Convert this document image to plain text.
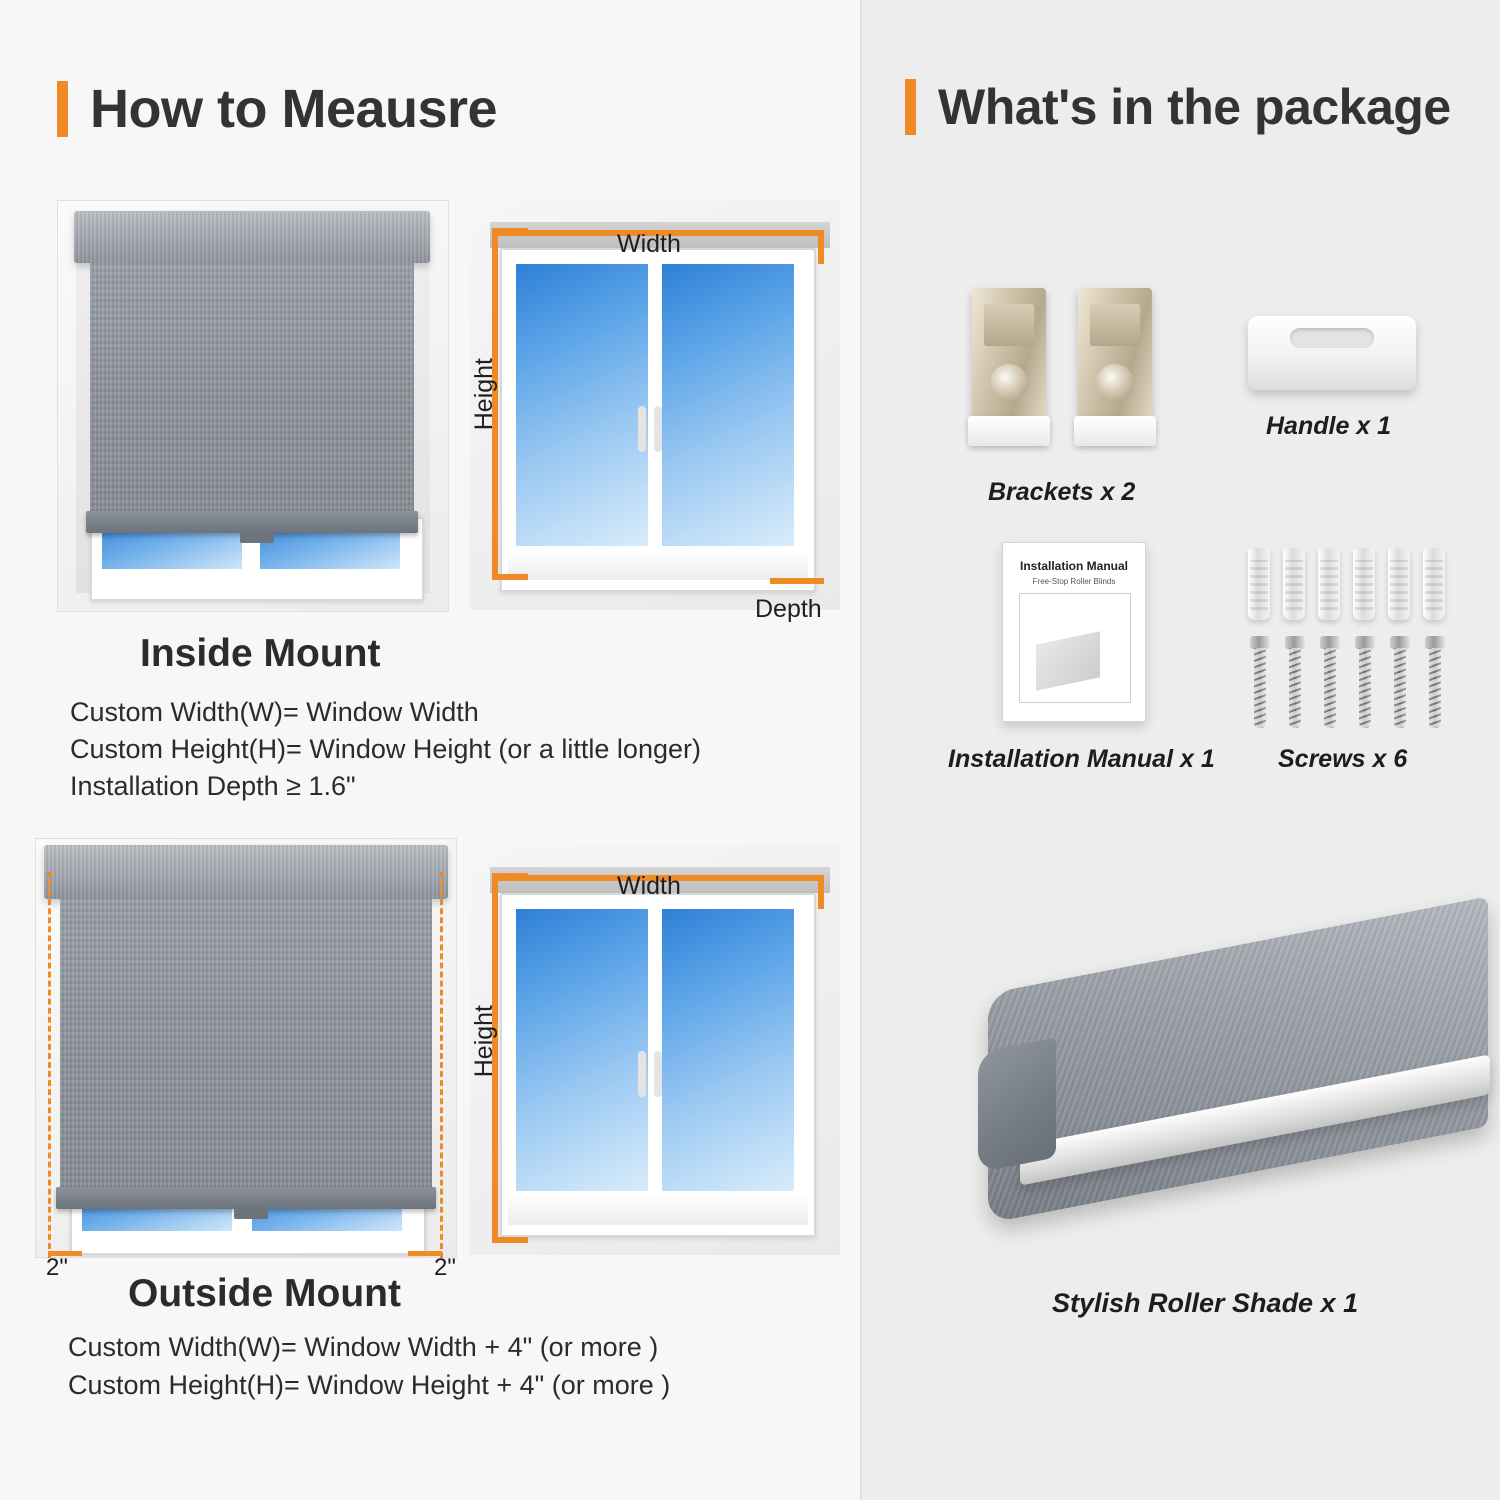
How to Meausre	What's in the package
Width
Height
Depth
Inside Mount
Custom Width(W)= Window Width
Custom Height(H)= Window Height (or a little longer)
Installation Depth ≥ 1.6"
2"	2"
Width
Height
Outside Mount
Custom Width(W)= Window Width + 4" (or more )
Custom Height(H)= Window Height + 4" (or more )
Brackets x 2
Handle x 1
Installation Manual
Free-Stop Roller Blinds
Installation Manual x 1	Screws x 6
Stylish Roller Shade x 1
